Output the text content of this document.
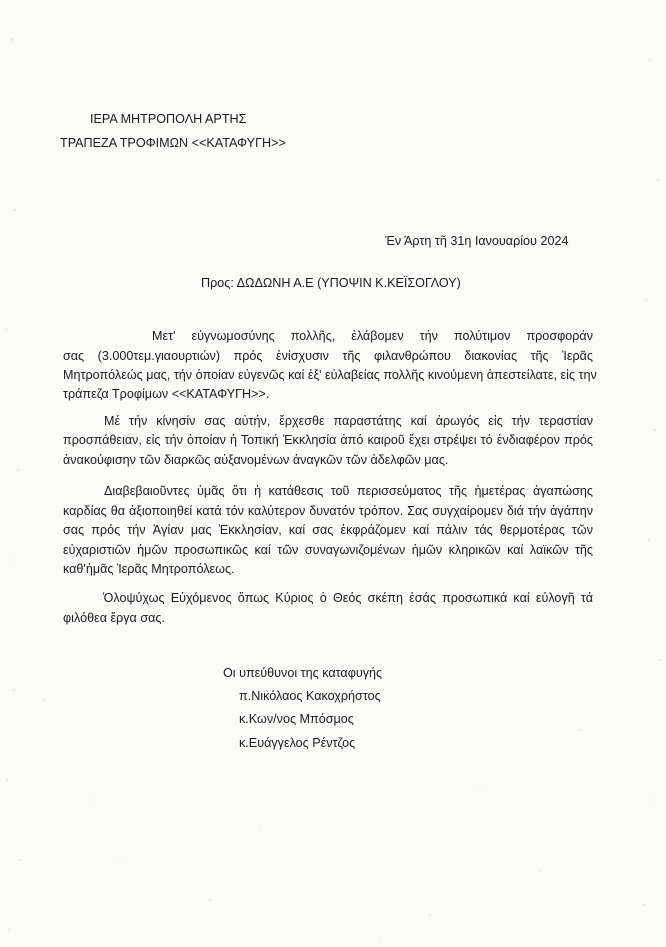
ΙΕΡΑ ΜΗΤΡΟΠΟΛΗ ΑΡΤΗΣ
ΤΡΑΠΕΖΑ ΤΡΟΦΙΜΩΝ <<ΚΑΤΑΦΥΓΗ>>
Έν Άρτη τῆ 31η Ιανουαρίου 2024
Προς: ΔΩΔΩΝΗ Α.Ε (ΥΠΟΨΙΝ Κ.ΚΕΪΣΟΓΛΟΥ)
Μετ' εὐγνωμοσύνης πολλῆς, ἐλάβομεν τήν πολύτιμον προσφοράν
σας (3.000τεμ.γιαουρτιών) πρός ἐνίσχυσιν τῆς φιλανθρώπου διακονίας τῆς Ἱερᾶς
Μητροπόλεώς μας, τήν ὁποίαν εὐγενῶς καί ἐξ' εὐλαβείας πολλῆς κινούμενη ἀπεστείλατε, εἰς την
τράπεζα Τροφίμων <<ΚΑΤΑΦΥΓΗ>>.
Μέ τήν κίνησίν σας αὐτήν, ἔρχεσθε παραστάτης καί ἀρωγός εἰς τήν τεραστίαν
προσπάθειαν, εἰς τήν ὁποίαν ἡ Τοπική Ἐκκλησία ἀπό καιροῦ ἔχει στρέψει τό ἐνδιαφέρον πρός
ἀνακούφισην τῶν διαρκῶς αὐξανομένων ἀναγκῶν τῶν ἀδελφῶν μας.
Διαβεβαιοῦντες ὑμᾶς ὅτι ἡ κατάθεσις τοῦ περισσεύματος τῆς ἡμετέρας ἀγαπώσης
καρδίας θα ἀξιοποιηθεί κατά τόν καλύτερον δυνατόν τρόπον. Σας συγχαίρομεν διά τήν ἀγάπην
σας πρός τήν Ἁγίαν μας Ἐκκλησίαν, καί σας ἐκφράζομεν καί πάλιν τάς θερμοτέρας τῶν
εὐχαριστιῶν ἡμῶν προσωπικῶς καί τῶν συναγωνιζομένων ἡμῶν κληρικῶν καί λαϊκῶν τῆς
καθ'ἡμᾶς Ἱερᾶς Μητροπόλεως.
Ὁλοψύχως Εὐχόμενος ὅπως Κύριος ὁ Θεός σκέπη ἐσάς προσωπικά καί εὐλογῆ τά
φιλόθεα ἔργα σας.
Οι υπεύθυνοι της καταφυγής
π.Νικόλαος Κακοχρήστος
κ.Κων/νος Μπόσμος
κ.Ευάγγελος Ρέντζος
